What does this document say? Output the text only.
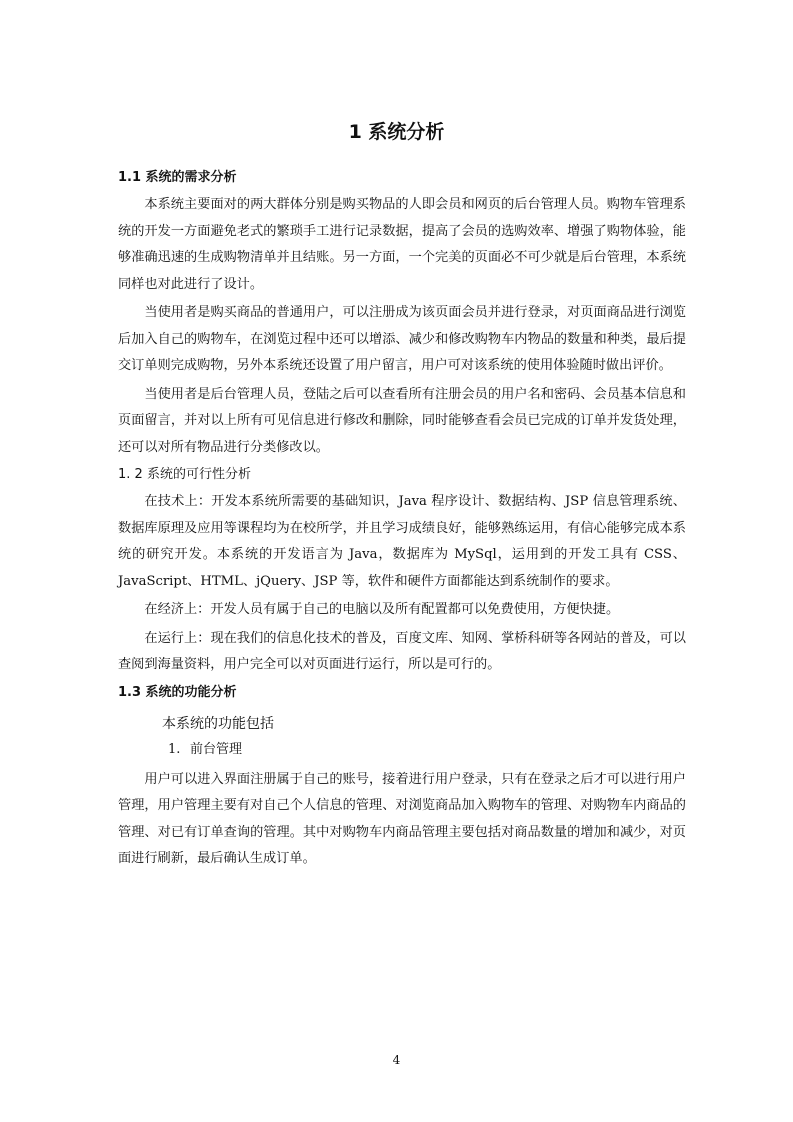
1 系统分析
1.1 系统的需求分析

本系统主要面对的两大群体分别是购买物品的人即会员和网页的后台管理人员。购物车管理系统的开发一方面避免老式的繁琐手工进行记录数据，提高了会员的选购效率、增强了购物体验，能够准确迅速的生成购物清单并且结账。另一方面，一个完美的页面必不可少就是后台管理，本系统同样也对此进行了设计。

当使用者是购买商品的普通用户，可以注册成为该页面会员并进行登录，对页面商品进行浏览后加入自己的购物车，在浏览过程中还可以增添、减少和修改购物车内物品的数量和种类，最后提交订单则完成购物，另外本系统还设置了用户留言，用户可对该系统的使用体验随时做出评价。

当使用者是后台管理人员，登陆之后可以查看所有注册会员的用户名和密码、会员基本信息和页面留言，并对以上所有可见信息进行修改和删除，同时能够查看会员已完成的订单并发货处理，还可以对所有物品进行分类修改以。

1. 2 系统的可行性分析

在技术上：开发本系统所需要的基础知识，Java 程序设计、数据结构、JSP 信息管理系统、数据库原理及应用等课程均为在校所学，并且学习成绩良好，能够熟练运用，有信心能够完成本系统的研究开发。本系统的开发语言为 Java，数据库为 MySql，运用到的开发工具有 CSS、JavaScript、HTML、jQuery、JSP 等，软件和硬件方面都能达到系统制作的要求。

在经济上：开发人员有属于自己的电脑以及所有配置都可以免费使用，方便快捷。

在运行上：现在我们的信息化技术的普及，百度文库、知网、掌桥科研等各网站的普及，可以查阅到海量资料，用户完全可以对页面进行运行，所以是可行的。

1.3 系统的功能分析

本系统的功能包括

1. 前台管理

用户可以进入界面注册属于自己的账号，接着进行用户登录，只有在登录之后才可以进行用户管理，用户管理主要有对自己个人信息的管理、对浏览商品加入购物车的管理、对购物车内商品的管理、对已有订单查询的管理。其中对购物车内商品管理主要包括对商品数量的增加和减少，对页面进行刷新，最后确认生成订单。

4
